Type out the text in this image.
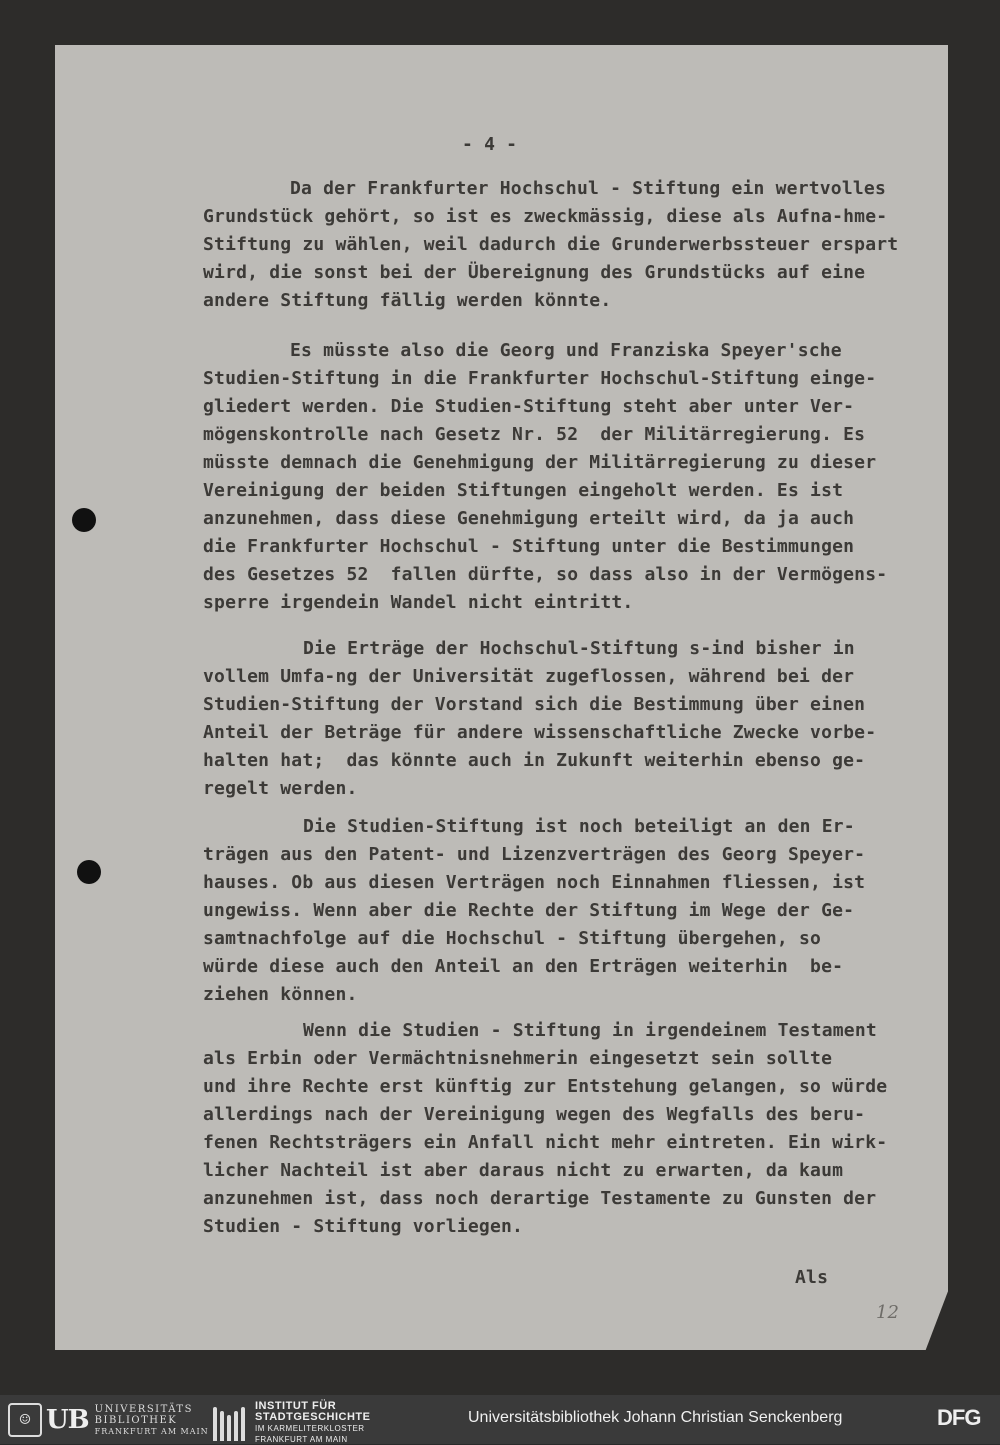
- 4 -

Da der Frankfurter Hochschul - Stiftung ein wertvolles

Grundstück gehört, so ist es zweckmässig, diese als Aufna-hme-

Stiftung zu wählen, weil dadurch die Grunderwerbssteuer erspart

wird, die sonst bei der Übereignung des Grundstücks auf eine

andere Stiftung fällig werden könnte.

Es müsste also die Georg und Franziska Speyer'sche

Studien-Stiftung in die Frankfurter Hochschul-Stiftung einge-

gliedert werden. Die Studien-Stiftung steht aber unter Ver-

mögenskontrolle nach Gesetz Nr. 52  der Militärregierung. Es

müsste demnach die Genehmigung der Militärregierung zu dieser

Vereinigung der beiden Stiftungen eingeholt werden. Es ist

anzunehmen, dass diese Genehmigung erteilt wird, da ja auch

die Frankfurter Hochschul - Stiftung unter die Bestimmungen

des Gesetzes 52  fallen dürfte, so dass also in der Vermögens-

sperre irgendein Wandel nicht eintritt.

Die Erträge der Hochschul-Stiftung s-ind bisher in

vollem Umfa-ng der Universität zugeflossen, während bei der

Studien-Stiftung der Vorstand sich die Bestimmung über einen

Anteil der Beträge für andere wissenschaftliche Zwecke vorbe-

halten hat;  das könnte auch in Zukunft weiterhin ebenso ge-

regelt werden.

Die Studien-Stiftung ist noch beteiligt an den Er-

trägen aus den Patent- und Lizenzverträgen des Georg Speyer-

hauses. Ob aus diesen Verträgen noch Einnahmen fliessen, ist

ungewiss. Wenn aber die Rechte der Stiftung im Wege der Ge-

samtnachfolge auf die Hochschul - Stiftung übergehen, so

würde diese auch den Anteil an den Erträgen weiterhin  be-

ziehen können.

Wenn die Studien - Stiftung in irgendeinem Testament

als Erbin oder Vermächtnisnehmerin eingesetzt sein sollte

und ihre Rechte erst künftig zur Entstehung gelangen, so würde

allerdings nach der Vereinigung wegen des Wegfalls des beru-

fenen Rechtsträgers ein Anfall nicht mehr eintreten. Ein wirk-

licher Nachteil ist aber daraus nicht zu erwarten, da kaum

anzunehmen ist, dass noch derartige Testamente zu Gunsten der

Studien - Stiftung vorliegen.

Als

12
☺ UB UNIVERSITÄTS
BIBLIOTHEK
FRANKFURT AM MAIN
INSTITUT FÜR
STADTGESCHICHTE
IM KARMELITERKLOSTER
FRANKFURT AM MAIN
Universitätsbibliothek Johann Christian Senckenberg	DFG
